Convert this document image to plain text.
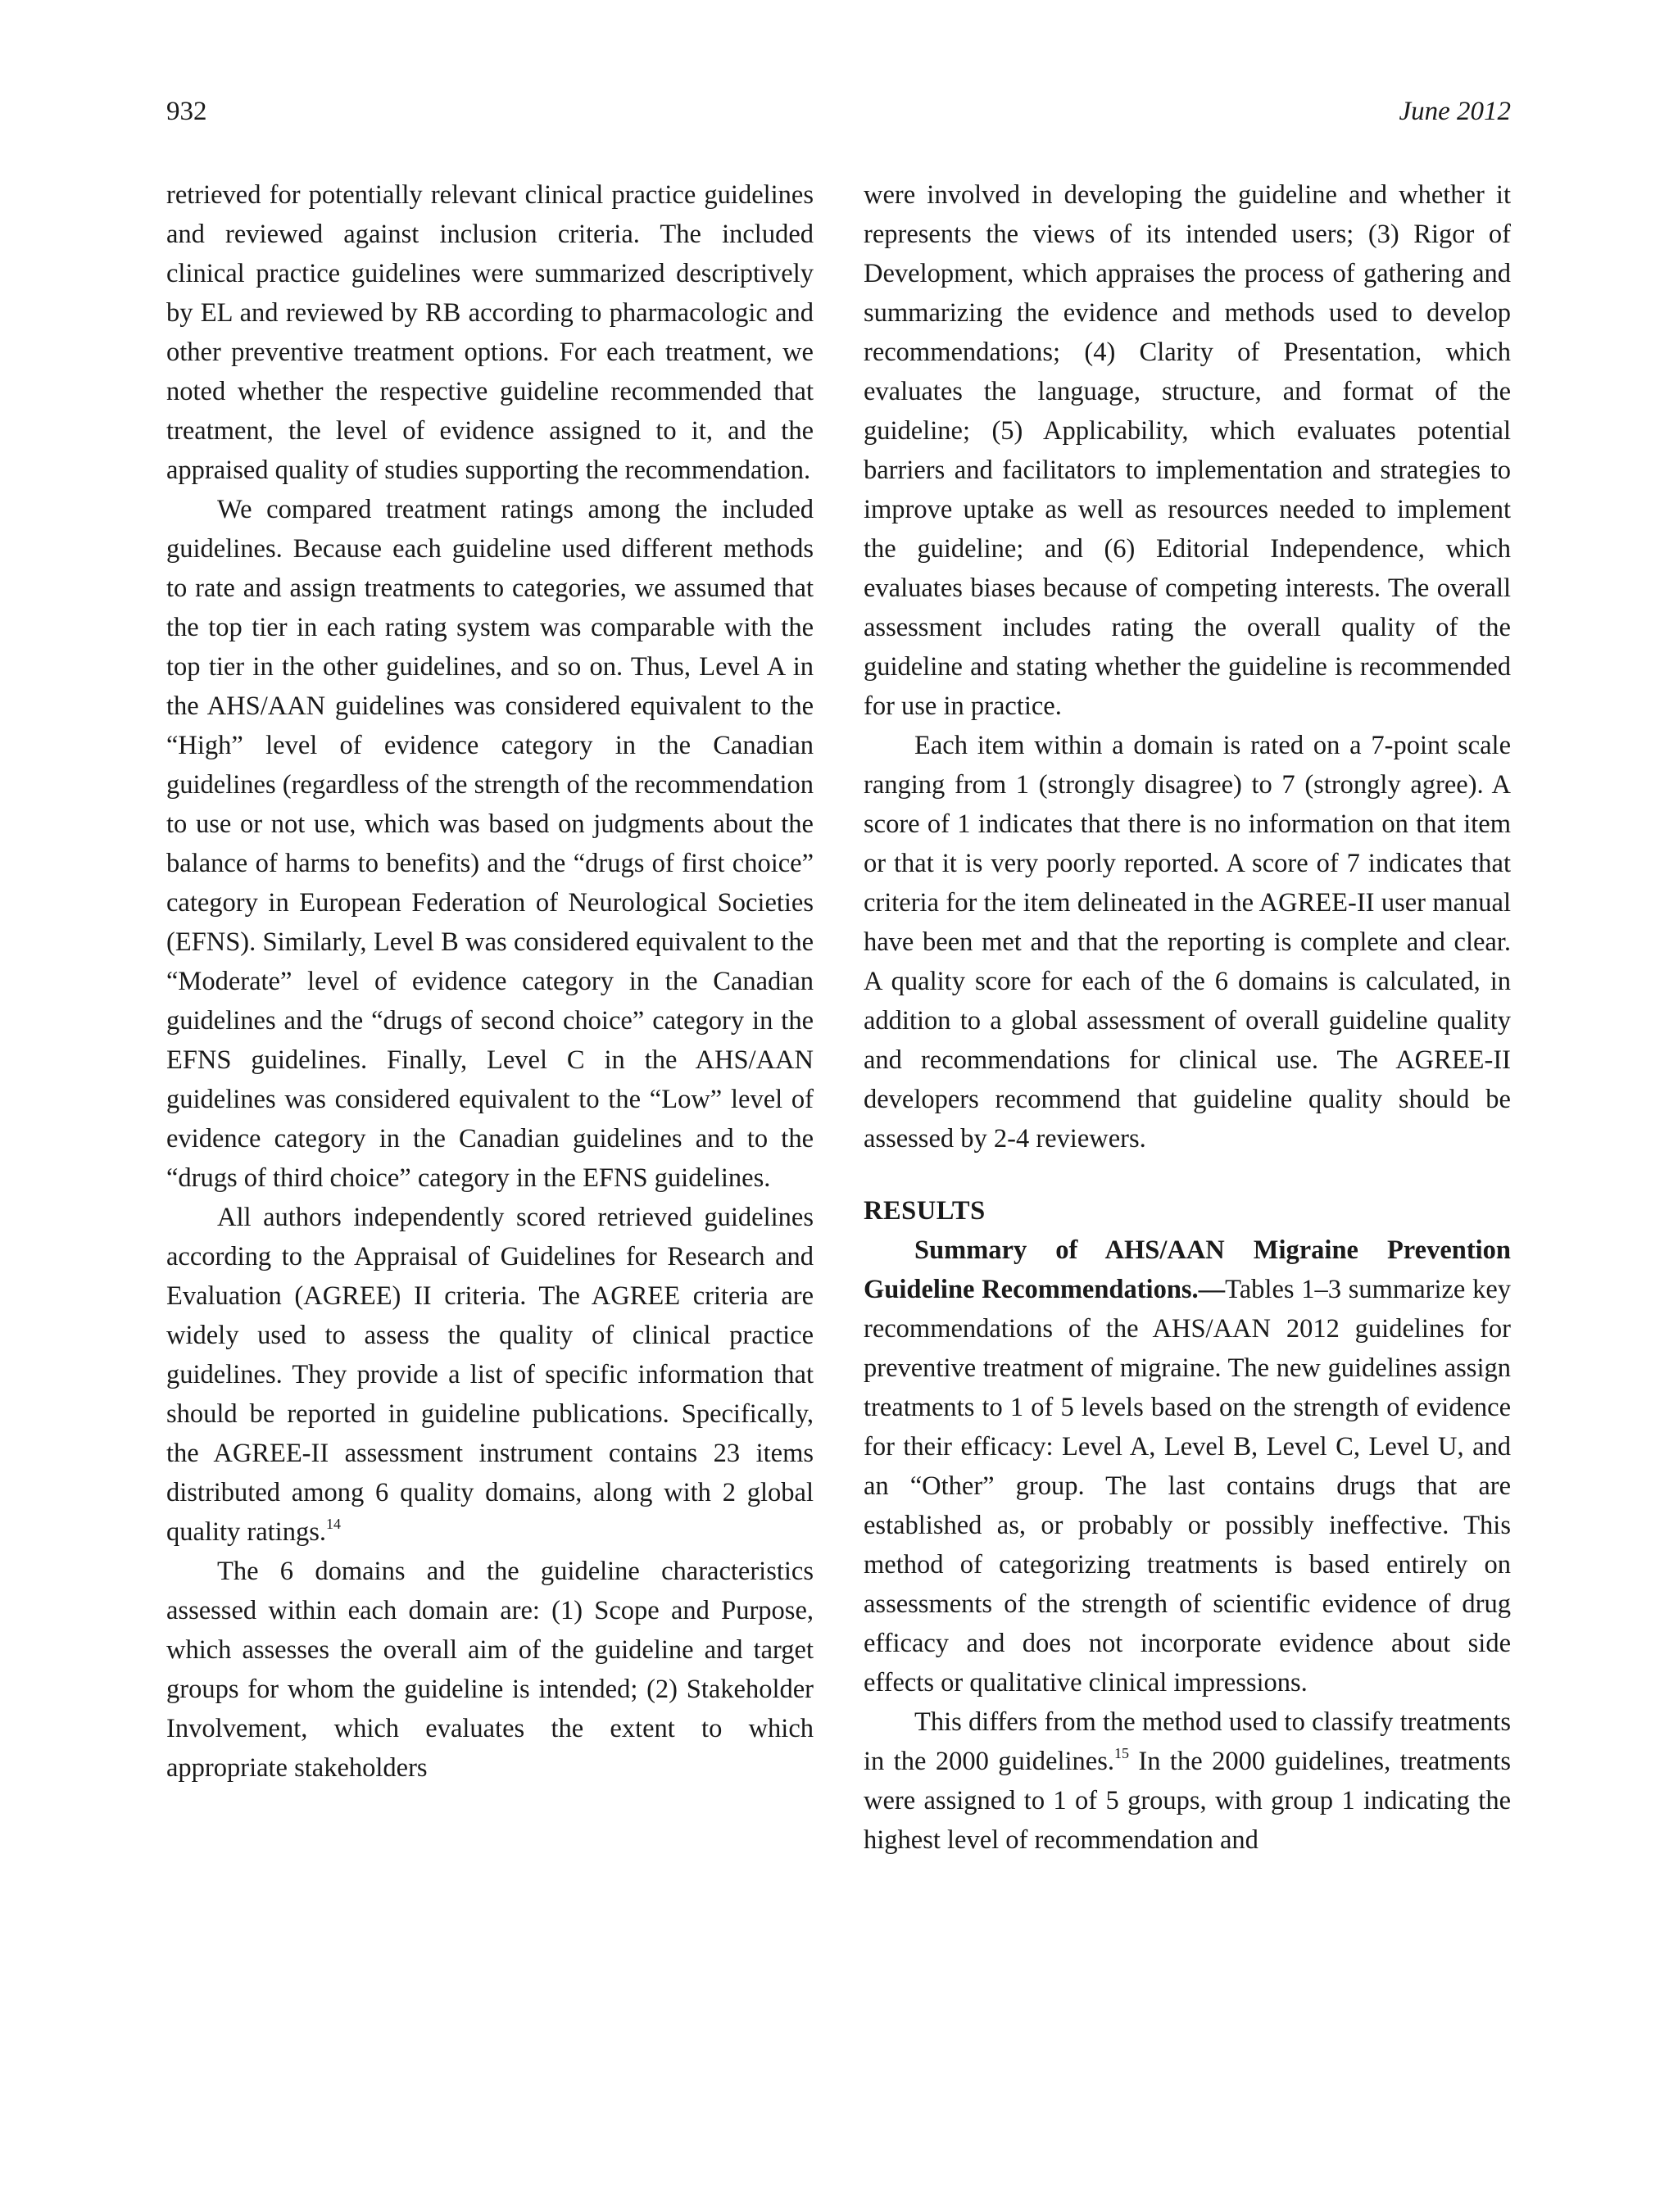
932	June 2012

retrieved for potentially relevant clinical practice guidelines and reviewed against inclusion criteria. The included clinical practice guidelines were summarized descriptively by EL and reviewed by RB according to pharmacologic and other preventive treatment options. For each treatment, we noted whether the respective guideline recommended that treatment, the level of evidence assigned to it, and the appraised quality of studies supporting the recommendation.

We compared treatment ratings among the included guidelines. Because each guideline used different methods to rate and assign treatments to categories, we assumed that the top tier in each rating system was comparable with the top tier in the other guidelines, and so on. Thus, Level A in the AHS/AAN guidelines was considered equivalent to the “High” level of evidence category in the Canadian guidelines (regardless of the strength of the recommendation to use or not use, which was based on judgments about the balance of harms to benefits) and the “drugs of first choice” category in European Federation of Neurological Societies (EFNS). Similarly, Level B was considered equivalent to the “Moderate” level of evidence category in the Canadian guidelines and the “drugs of second choice” category in the EFNS guidelines. Finally, Level C in the AHS/AAN guidelines was considered equivalent to the “Low” level of evidence category in the Canadian guidelines and to the “drugs of third choice” category in the EFNS guidelines.

All authors independently scored retrieved guidelines according to the Appraisal of Guidelines for Research and Evaluation (AGREE) II criteria. The AGREE criteria are widely used to assess the quality of clinical practice guidelines. They provide a list of specific information that should be reported in guideline publications. Specifically, the AGREE-II assessment instrument contains 23 items distributed among 6 quality domains, along with 2 global quality ratings.$^{14}$

The 6 domains and the guideline characteristics assessed within each domain are: (1) Scope and Purpose, which assesses the overall aim of the guideline and target groups for whom the guideline is intended; (2) Stakeholder Involvement, which evaluates the extent to which appropriate stakeholders

were involved in developing the guideline and whether it represents the views of its intended users; (3) Rigor of Development, which appraises the process of gathering and summarizing the evidence and methods used to develop recommendations; (4) Clarity of Presentation, which evaluates the language, structure, and format of the guideline; (5) Applicability, which evaluates potential barriers and facilitators to implementation and strategies to improve uptake as well as resources needed to implement the guideline; and (6) Editorial Independence, which evaluates biases because of competing interests. The overall assessment includes rating the overall quality of the guideline and stating whether the guideline is recommended for use in practice.

Each item within a domain is rated on a 7-point scale ranging from 1 (strongly disagree) to 7 (strongly agree). A score of 1 indicates that there is no information on that item or that it is very poorly reported. A score of 7 indicates that criteria for the item delineated in the AGREE-II user manual have been met and that the reporting is complete and clear. A quality score for each of the 6 domains is calculated, in addition to a global assessment of overall guideline quality and recommendations for clinical use. The AGREE-II developers recommend that guideline quality should be assessed by 2-4 reviewers.

RESULTS

Summary of AHS/AAN Migraine Prevention Guideline Recommendations.—Tables 1–3 summarize key recommendations of the AHS/AAN 2012 guidelines for preventive treatment of migraine. The new guidelines assign treatments to 1 of 5 levels based on the strength of evidence for their efficacy: Level A, Level B, Level C, Level U, and an “Other” group. The last contains drugs that are established as, or probably or possibly ineffective. This method of categorizing treatments is based entirely on assessments of the strength of scientific evidence of drug efficacy and does not incorporate evidence about side effects or qualitative clinical impressions.

This differs from the method used to classify treatments in the 2000 guidelines.$^{15}$ In the 2000 guidelines, treatments were assigned to 1 of 5 groups, with group 1 indicating the highest level of recommendation and
